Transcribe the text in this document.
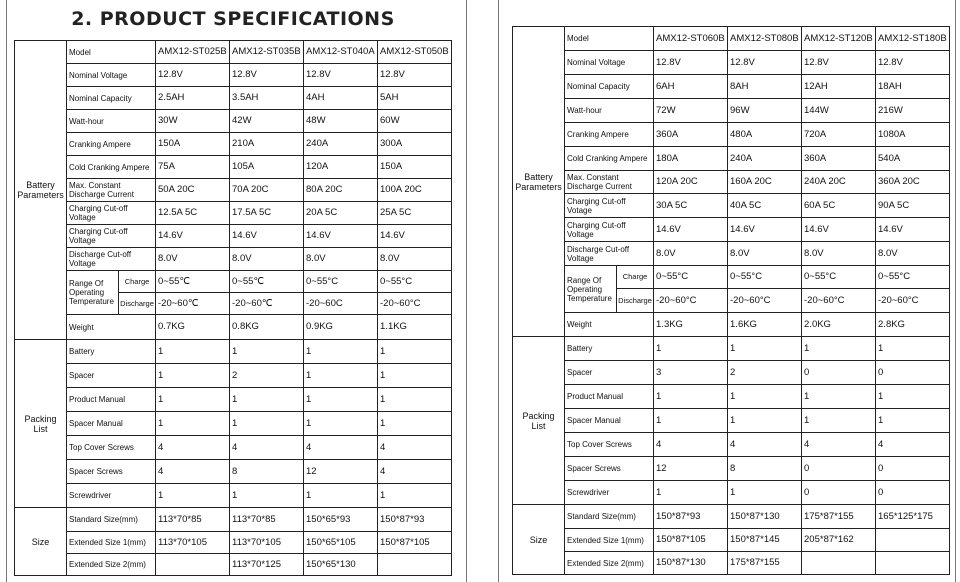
2. PRODUCT SPECIFICATIONS
Battery Parameters	Model		AMX12-ST025B	AMX12-ST035B	AMX12-ST040A	AMX12-ST050B
	Nominal Voltage		12.8V	12.8V	12.8V	12.8V
	Nominal Capacity		2.5AH	3.5AH	4AH	5AH
	Watt-hour		30W	42W	48W	60W
	Cranking Ampere		150A	210A	240A	300A
	Cold Cranking Ampere		75A	105A	120A	150A
	Max. Constant Discharge Current		50A 20C	70A 20C	80A 20C	100A 20C
	Charging Cut-off Voltage		12.5A 5C	17.5A 5C	20A 5C	25A 5C
	Charging Cut-off Voltage		14.6V	14.6V	14.6V	14.6V
	Discharge Cut-off Voltage		8.0V	8.0V	8.0V	8.0V
	Range Of Operating Temperature	Charge	0~55℃	0~55℃	0~55°C	0~55°C
		Discharge	-20~60℃	-20~60℃	-20~60C	-20~60°C
	Weight		0.7KG	0.8KG	0.9KG	1.1KG
Packing List	Battery		1	1	1	1
	Spacer		1	2	1	1
	Product Manual		1	1	1	1
	Spacer Manual		1	1	1	1
	Top Cover Screws		4	4	4	4
	Spacer Screws		4	8	12	4
	Screwdriver		1	1	1	1
Size	Standard Size(mm)		113*70*85	113*70*85	150*65*93	150*87*93
	Extended Size 1(mm)		113*70*105	113*70*105	150*65*105	150*87*105
	Extended Size 2(mm)			113*70*125	150*65*130	
Battery Parameters	Model		AMX12-ST060B	AMX12-ST080B	AMX12-ST120B	AMX12-ST180B
	Nominal Voltage		12.8V	12.8V	12.8V	12.8V
	Nominal Capacity		6AH	8AH	12AH	18AH
	Watt-hour		72W	96W	144W	216W
	Cranking Ampere		360A	480A	720A	1080A
	Cold Cranking Ampere		180A	240A	360A	540A
	Max. Constant Discharge Current		120A 20C	160A 20C	240A 20C	360A 20C
	Charging Cut-off Votage		30A 5C	40A 5C	60A 5C	90A 5C
	Charging Cut-off Voltage		14.6V	14.6V	14.6V	14.6V
	Discharge Cut-off Voltage		8.0V	8.0V	8.0V	8.0V
	Range Of Operating Temperature	Charge	0~55°C	0~55°C	0~55°C	0~55°C
		Discharge	-20~60°C	-20~60°C	-20~60°C	-20~60°C
	Weight		1.3KG	1.6KG	2.0KG	2.8KG
Packing List	Battery		1	1	1	1
	Spacer		3	2	0	0
	Product Manual		1	1	1	1
	Spacer Manual		1	1	1	1
	Top Cover Screws		4	4	4	4
	Spacer Screws		12	8	0	0
	Screwdriver		1	1	0	0
Size	Standard Size(mm)		150*87*93	150*87*130	175*87*155	165*125*175
	Extended Size 1(mm)		150*87*105	150*87*145	205*87*162	
	Extended Size 2(mm)		150*87*130	175*87*155		
